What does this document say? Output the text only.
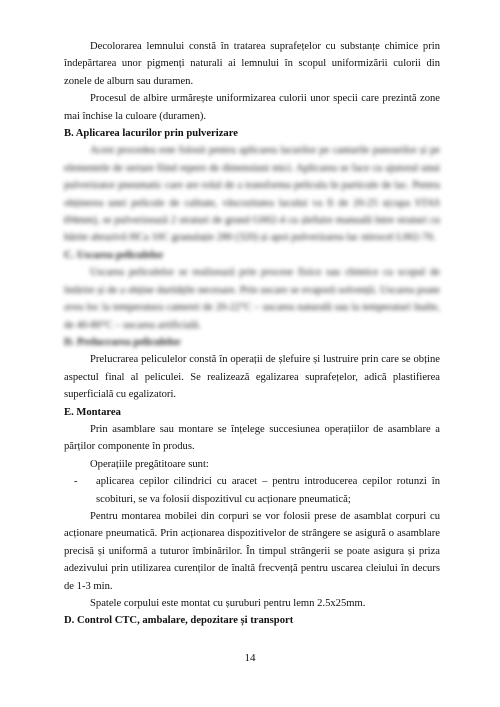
Decolorarea lemnului constă în tratarea suprafețelor cu substanțe chimice prin îndepărtarea unor pigmenți naturali ai lemnului în scopul uniformizării culorii din zonele de alburn sau duramen.

Procesul de albire urmărește uniformizarea culorii unor specii care prezintă zone mai închise la culoare (duramen).

B. Aplicarea lacurilor prin pulverizare

Acest procedeu este folosit pentru aplicarea lacurilor pe canturile panourilor și pe elementele de sertare fiind repere de dimensiuni mici. Aplicarea se face cu ajutorul unui pulverizator pneumatic care are rolul de a transforma pelicula în particule de lac. Pentru obținerea unei pelicule de calitate, vâscozitatea lacului va fi de 20-25 s(cupa STAS Ø4mm), se pulverizează 2 straturi de grund G002-4 cu șlefuire manuală între straturi cu hârtie abrazivă HCa 10C granulație 280 (320) și apoi pulverizarea lac nitrocel L002-70.

C. Uscarea peliculelor

Uscarea peliculelor se realizează prin procese fizice sau chimice cu scopul de întărire și de a obține duritățile necesare. Prin uscare se evaporă solvenții. Uscarea poate avea loc la temperatura camerei de 20-22°C – uscarea naturală sau la temperaturi înalte, de 40-80°C – uscarea artificială.

D. Prelucrarea peliculelor

Prelucrarea peliculelor constă în operații de șlefuire și lustruire prin care se obține aspectul final al peliculei. Se realizează egalizarea suprafețelor, adică plastifierea superficială cu egalizatori.

E. Montarea

Prin asamblare sau montare se înțelege succesiunea operațiilor de asamblare a părților componente în produs.

Operațiile pregătitoare sunt:

- aplicarea cepilor cilindrici cu aracet – pentru introducerea cepilor rotunzi în scobituri, se va folosii dispozitivul cu acționare pneumatică;

Pentru montarea mobilei din corpuri se vor folosii prese de asamblat corpuri cu acționare pneumatică. Prin acționarea dispozitivelor de strângere se asigură o asamblare precisă și uniformă a tuturor îmbinărilor. În timpul strângerii se poate asigura și priza adezivului prin utilizarea curenților de înaltă frecvență pentru uscarea cleiului în decurs de 1-3 min.

Spatele corpului este montat cu șuruburi pentru lemn 2.5x25mm.

D. Control CTC, ambalare, depozitare și transport

14
